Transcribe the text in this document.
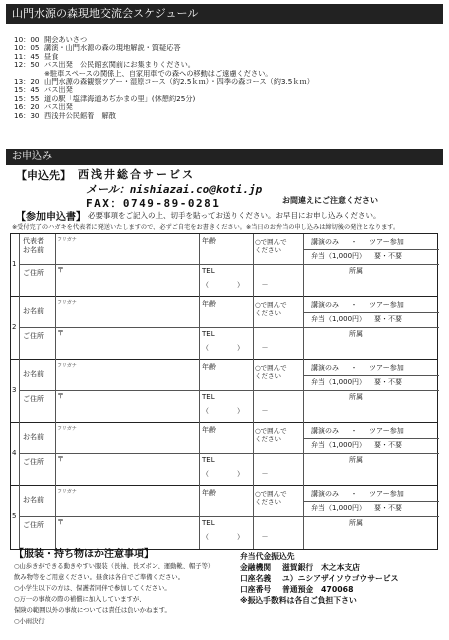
山門水源の森現地交流会スケジュール
10：00 開会あいさつ
10：05 講演・山門水源の森の現地解説・質疑応答
11：45 昼食
12：50 バス出発　公民館玄関前にお集まりください。
※駐車スペースの関係上、自家用車での森への移動はご遠慮ください。
13：20 山門水源の森観察ツアー・湿原コース（約2.5ｋｍ）・四季の森コース（約3.5ｋｍ）
15：45 バス出発
15：55 道の駅「塩津海道あぢかまの里」(休憩約25分)
16：20 バス出発
16：30 西浅井公民館着　解散
お申込み
【申込先】 西浅井総合サービス
メール：nishiazai.co@koti.jp
FAX：0749-89-0281	お間違えにご注意ください
【参加申込書】 必要事項をご記入の上、切手を貼ってお送りください。お早目にお申し込みください。
※受付完了のハガキを代表者に発送いたしますので、必ずご自宅をお書きください。※当日のお弁当の申し込みは締切後の発注となります。
1
代表者
お名前
フリガナ	年齢	○で囲んで
ください
講演のみ ・ ツアー参加
弁当（1,000円） 要・不要
ご住所 〒	TEL
（　　　　）　　　－
所属
2
お名前
フリガナ	年齢	○で囲んで
ください
講演のみ ・ ツアー参加
弁当（1,000円） 要・不要
ご住所 〒	TEL
（　　　　）　　　－
所属
3
お名前
フリガナ	年齢	○で囲んで
ください
講演のみ ・ ツアー参加
弁当（1,000円） 要・不要
ご住所 〒	TEL
（　　　　）　　　－
所属
4
お名前
フリガナ	年齢	○で囲んで
ください
講演のみ ・ ツアー参加
弁当（1,000円） 要・不要
ご住所 〒	TEL
（　　　　）　　　－
所属
5
お名前
フリガナ	年齢	○で囲んで
ください
講演のみ ・ ツアー参加
弁当（1,000円） 要・不要
ご住所 〒	TEL
（　　　　）　　　－
所属
【服装・持ち物ほか注意事項】
○山歩きができる動きやすい服装（長袖、長ズボン、運動靴、帽子等）
飲み物等をご用意ください。昼食は各自でご準備ください。
○小学生以下の方は、保護者同伴で参加してください。
○万一の事故の際の補償に加入していますが、
保険の範囲以外の事故については責任は負いかねます。
○小雨決行
弁当代金振込先
金融機関	滋賀銀行　木之本支店
口座名義	ユ）ニシアザイソウゴウサービス
口座番号	普通預金　470068
※振込手数料は各自ご負担下さい
